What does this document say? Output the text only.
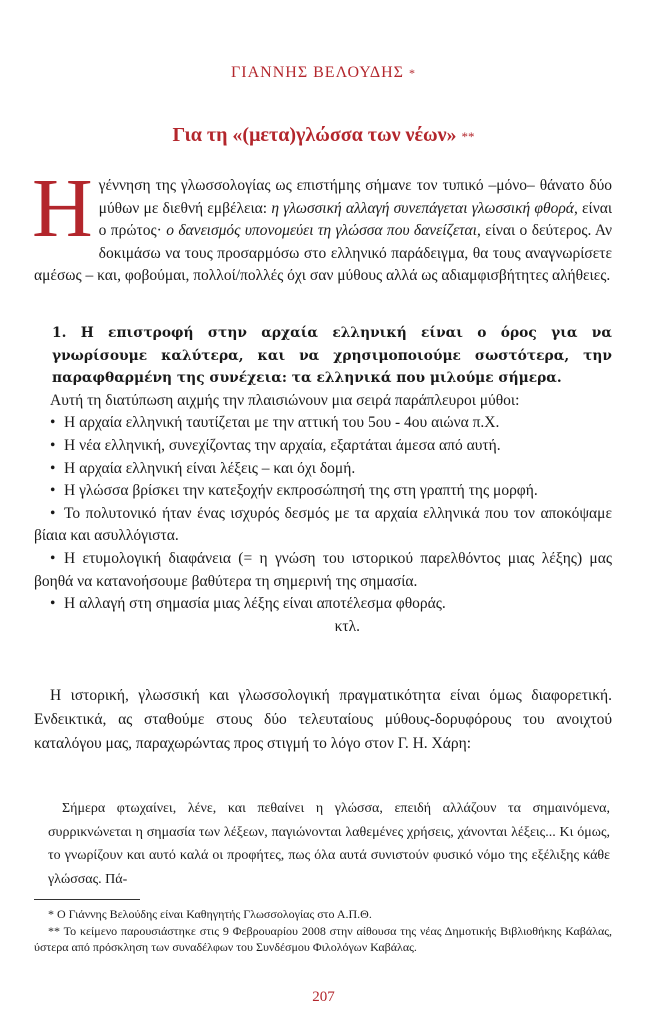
ΓΙΑΝΝΗΣ ΒΕΛΟΥΔΗΣ *
Για τη «(μετα)γλώσσα των νέων» **
Η γέννηση της γλωσσολογίας ως επιστήμης σήμανε τον τυπικό –μόνο– θάνατο δύο μύθων με διεθνή εμβέλεια: η γλωσσική αλλαγή συνεπάγεται γλωσσική φθορά, είναι ο πρώτος· ο δανεισμός υπονομεύει τη γλώσσα που δανείζεται, είναι ο δεύτερος. Αν δοκιμάσω να τους προσαρμόσω στο ελληνικό παράδειγμα, θα τους αναγνωρίσετε αμέσως – και, φοβούμαι, πολλοί/πολλές όχι σαν μύθους αλλά ως αδιαμφισβήτητες αλήθειες.

1. Η επιστροφή στην αρχαία ελληνική είναι ο όρος για να γνωρίσουμε καλύτερα, και να χρησιμοποιούμε σωστότερα, την παραφθαρμένη της συνέχεια: τα ελληνικά που μιλούμε σήμερα.

Αυτή τη διατύπωση αιχμής την πλαισιώνουν μια σειρά παράπλευροι μύθοι:

• Η αρχαία ελληνική ταυτίζεται με την αττική του 5ου - 4ου αιώνα π.Χ.
• Η νέα ελληνική, συνεχίζοντας την αρχαία, εξαρτάται άμεσα από αυτή.
• Η αρχαία ελληνική είναι λέξεις – και όχι δομή.
• Η γλώσσα βρίσκει την κατεξοχήν εκπροσώπησή της στη γραπτή της μορφή.
• Το πολυτονικό ήταν ένας ισχυρός δεσμός με τα αρχαία ελληνικά που τον αποκόψαμε βίαια και ασυλλόγιστα.
• Η ετυμολογική διαφάνεια (= η γνώση του ιστορικού παρελθόντος μιας λέξης) μας βοηθά να κατανοήσουμε βαθύτερα τη σημερινή της σημασία.
• Η αλλαγή στη σημασία μιας λέξης είναι αποτέλεσμα φθοράς.
κτλ.

Η ιστορική, γλωσσική και γλωσσολογική πραγματικότητα είναι όμως διαφορετική. Ενδεικτικά, ας σταθούμε στους δύο τελευταίους μύθους-δορυφόρους του ανοιχτού καταλόγου μας, παραχωρώντας προς στιγμή το λόγο στον Γ. Η. Χάρη:

Σήμερα φτωχαίνει, λένε, και πεθαίνει η γλώσσα, επειδή αλλάζουν τα σημαινόμενα, συρρικνώνεται η σημασία των λέξεων, παγιώνονται λαθεμένες χρήσεις, χάνονται λέξεις... Κι όμως, το γνωρίζουν και αυτό καλά οι προφήτες, πως όλα αυτά συνιστούν φυσικό νόμο της εξέλιξης κάθε γλώσσας. Πά-

* Ο Γιάννης Βελούδης είναι Καθηγητής Γλωσσολογίας στο Α.Π.Θ.

** Το κείμενο παρουσιάστηκε στις 9 Φεβρουαρίου 2008 στην αίθουσα της νέας Δημοτικής Βιβλιοθήκης Καβάλας, ύστερα από πρόσκληση των συναδέλφων του Συνδέσμου Φιλολόγων Καβάλας.

207
